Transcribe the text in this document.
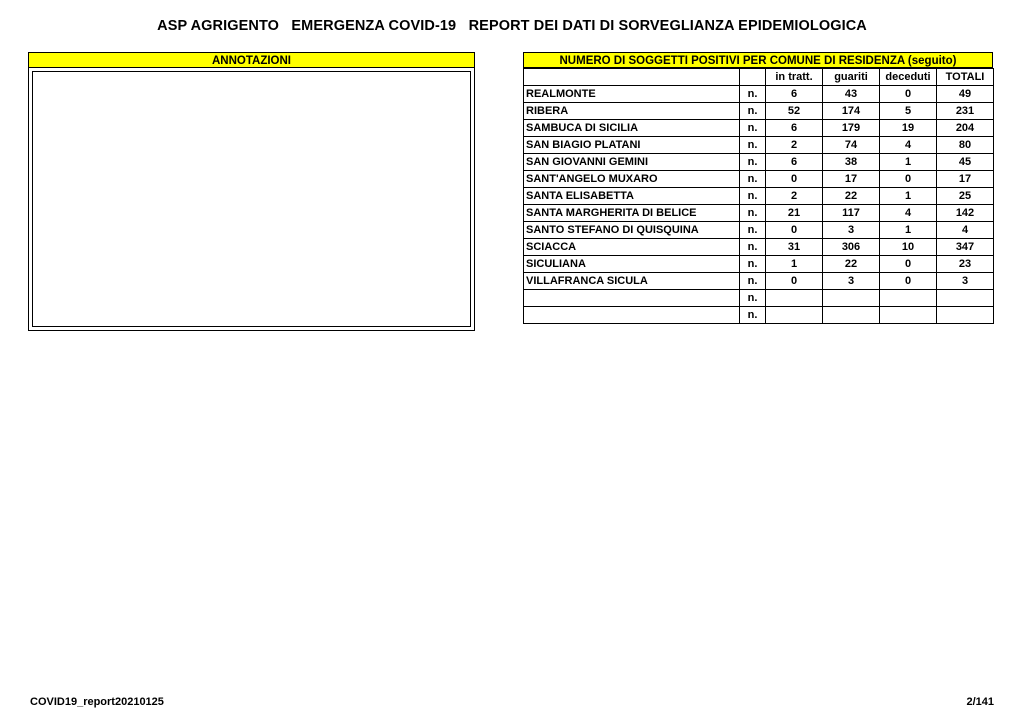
ASP AGRIGENTO   EMERGENZA COVID-19   REPORT DEI DATI DI SORVEGLIANZA EPIDEMIOLOGICA
ANNOTAZIONI	NUMERO DI SOGGETTI POSITIVI PER COMUNE DI RESIDENZA (seguito)
		in tratt.	guariti	deceduti	TOTALI
REALMONTE	n.	6	43	0	49
RIBERA	n.	52	174	5	231
SAMBUCA DI SICILIA	n.	6	179	19	204
SAN BIAGIO PLATANI	n.	2	74	4	80
SAN GIOVANNI GEMINI	n.	6	38	1	45
SANT'ANGELO MUXARO	n.	0	17	0	17
SANTA ELISABETTA	n.	2	22	1	25
SANTA MARGHERITA DI BELICE	n.	21	117	4	142
SANTO STEFANO DI QUISQUINA	n.	0	3	1	4
SCIACCA	n.	31	306	10	347
SICULIANA	n.	1	22	0	23
VILLAFRANCA SICULA	n.	0	3	0	3
	n.				
	n.				
COVID19_report20210125	2/141
